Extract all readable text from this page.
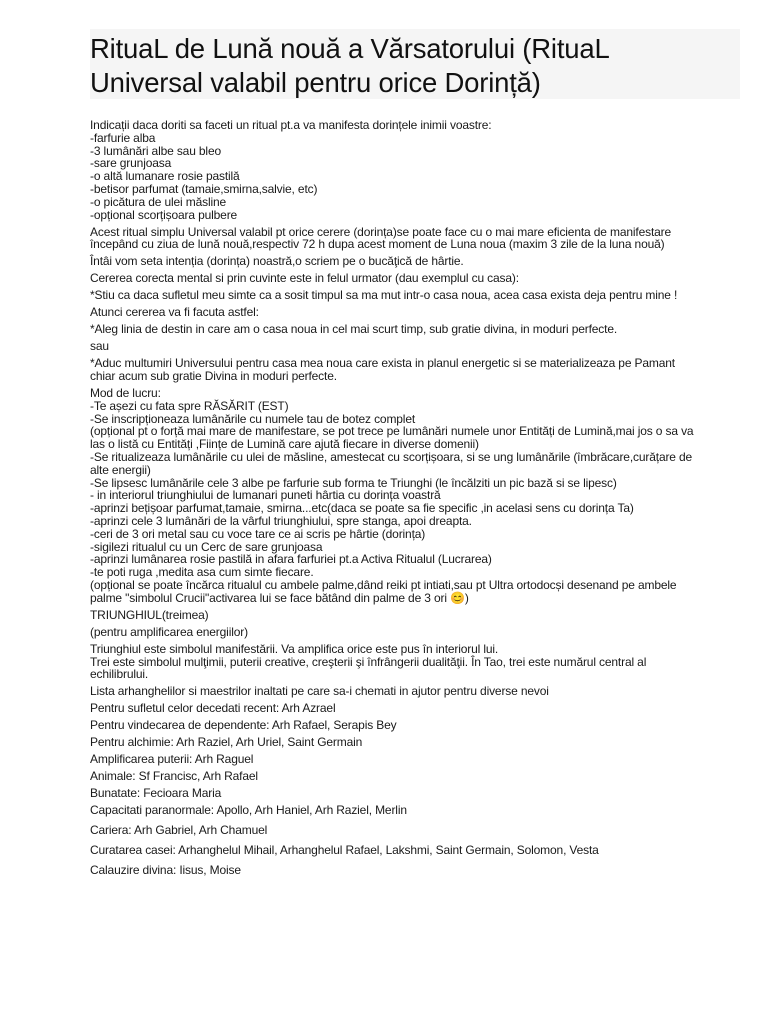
RituaL de Lună nouă a Vărsatorului (RituaL
Universal valabil pentru orice Dorință)

Indicații daca doriti sa faceti un ritual pt.a va manifesta dorințele inimii voastre:
-farfurie alba
-3 lumânări albe sau bleo
-sare grunjoasa
-o altă lumanare rosie pastilă
-betisor parfumat (tamaie,smirna,salvie, etc)
-o picătura de ulei măsline
-opțional scorțișoara pulbere

Acest ritual simplu Universal valabil pt orice cerere (dorința)se poate face cu o mai mare eficienta de manifestare
începând cu ziua de lună nouă,respectiv 72 h dupa acest moment de Luna noua (maxim 3 zile de la luna nouă)

Întâi vom seta intenția (dorința) noastră,o scriem pe o bucăţică de hârtie.

Cererea corecta mental si prin cuvinte este in felul urmator (dau exemplul cu casa):

*Stiu ca daca sufletul meu simte ca a sosit timpul sa ma mut intr-o casa noua, acea casa exista deja pentru mine !

Atunci cererea va fi facuta astfel:

*Aleg linia de destin in care am o casa noua in cel mai scurt timp, sub gratie divina, in moduri perfecte.

sau

*Aduc multumiri Universului pentru casa mea noua care exista in planul energetic si se materializeaza pe Pamant
chiar acum sub gratie Divina in moduri perfecte.

Mod de lucru:
-Te așezi cu fata spre RĂSĂRIT (EST)
-Se inscripționeaza lumânările cu numele tau de botez complet
(opțional pt o forță mai mare de manifestare, se pot trece pe lumânări numele unor Entități de Lumină,mai jos o sa va
las o listă cu Entități ,Ființe de Lumină care ajută fiecare in diverse domenii)
-Se ritualizeaza lumânările cu ulei de măsline, amestecat cu scorțișoara, si se ung lumânările (îmbrăcare,curățare de
alte energii)
-Se lipsesc lumânările cele 3 albe pe farfurie sub forma te Triunghi (le încălziti un pic bază si se lipesc)
- in interiorul triunghiului de lumanari puneti hârtia cu dorința voastră
-aprinzi bețișoar parfumat,tamaie, smirna...etc(daca se poate sa fie specific ,in acelasi sens cu dorința Ta)
-aprinzi cele 3 lumânări de la vârful triunghiului, spre stanga, apoi dreapta.
-ceri de 3 ori metal sau cu voce tare ce ai scris pe hârtie (dorința)
-sigilezi ritualul cu un Cerc de sare grunjoasa
-aprinzi lumânarea rosie pastilă in afara farfuriei pt.a Activa Ritualul (Lucrarea)
-te poti ruga ,medita asa cum simte fiecare.
(opțional se poate încărca ritualul cu ambele palme,dând reiki pt intiati,sau pt Ultra ortodocși desenand pe ambele
palme "simbolul Crucii"activarea lui se face bătând din palme de 3 ori 😊)

TRIUNGHIUL(treimea)

(pentru amplificarea energiilor)

Triunghiul este simbolul manifestării. Va amplifica orice este pus în interiorul lui.
Trei este simbolul mulţimii, puterii creative, creşterii şi înfrângerii dualităţii. În Tao, trei este numărul central al
echilibrului.

Lista arhanghelilor si maestrilor inaltati pe care sa-i chemati in ajutor pentru diverse nevoi

Pentru sufletul celor decedati recent: Arh Azrael

Pentru vindecarea de dependente: Arh Rafael, Serapis Bey

Pentru alchimie: Arh Raziel, Arh Uriel, Saint Germain

Amplificarea puterii: Arh Raguel

Animale: Sf Francisc, Arh Rafael

Bunatate: Fecioara Maria

Capacitati paranormale: Apollo, Arh Haniel, Arh Raziel, Merlin

Cariera: Arh Gabriel, Arh Chamuel

Curatarea casei: Arhanghelul Mihail, Arhanghelul Rafael, Lakshmi, Saint Germain, Solomon, Vesta

Calauzire divina: Iisus, Moise
